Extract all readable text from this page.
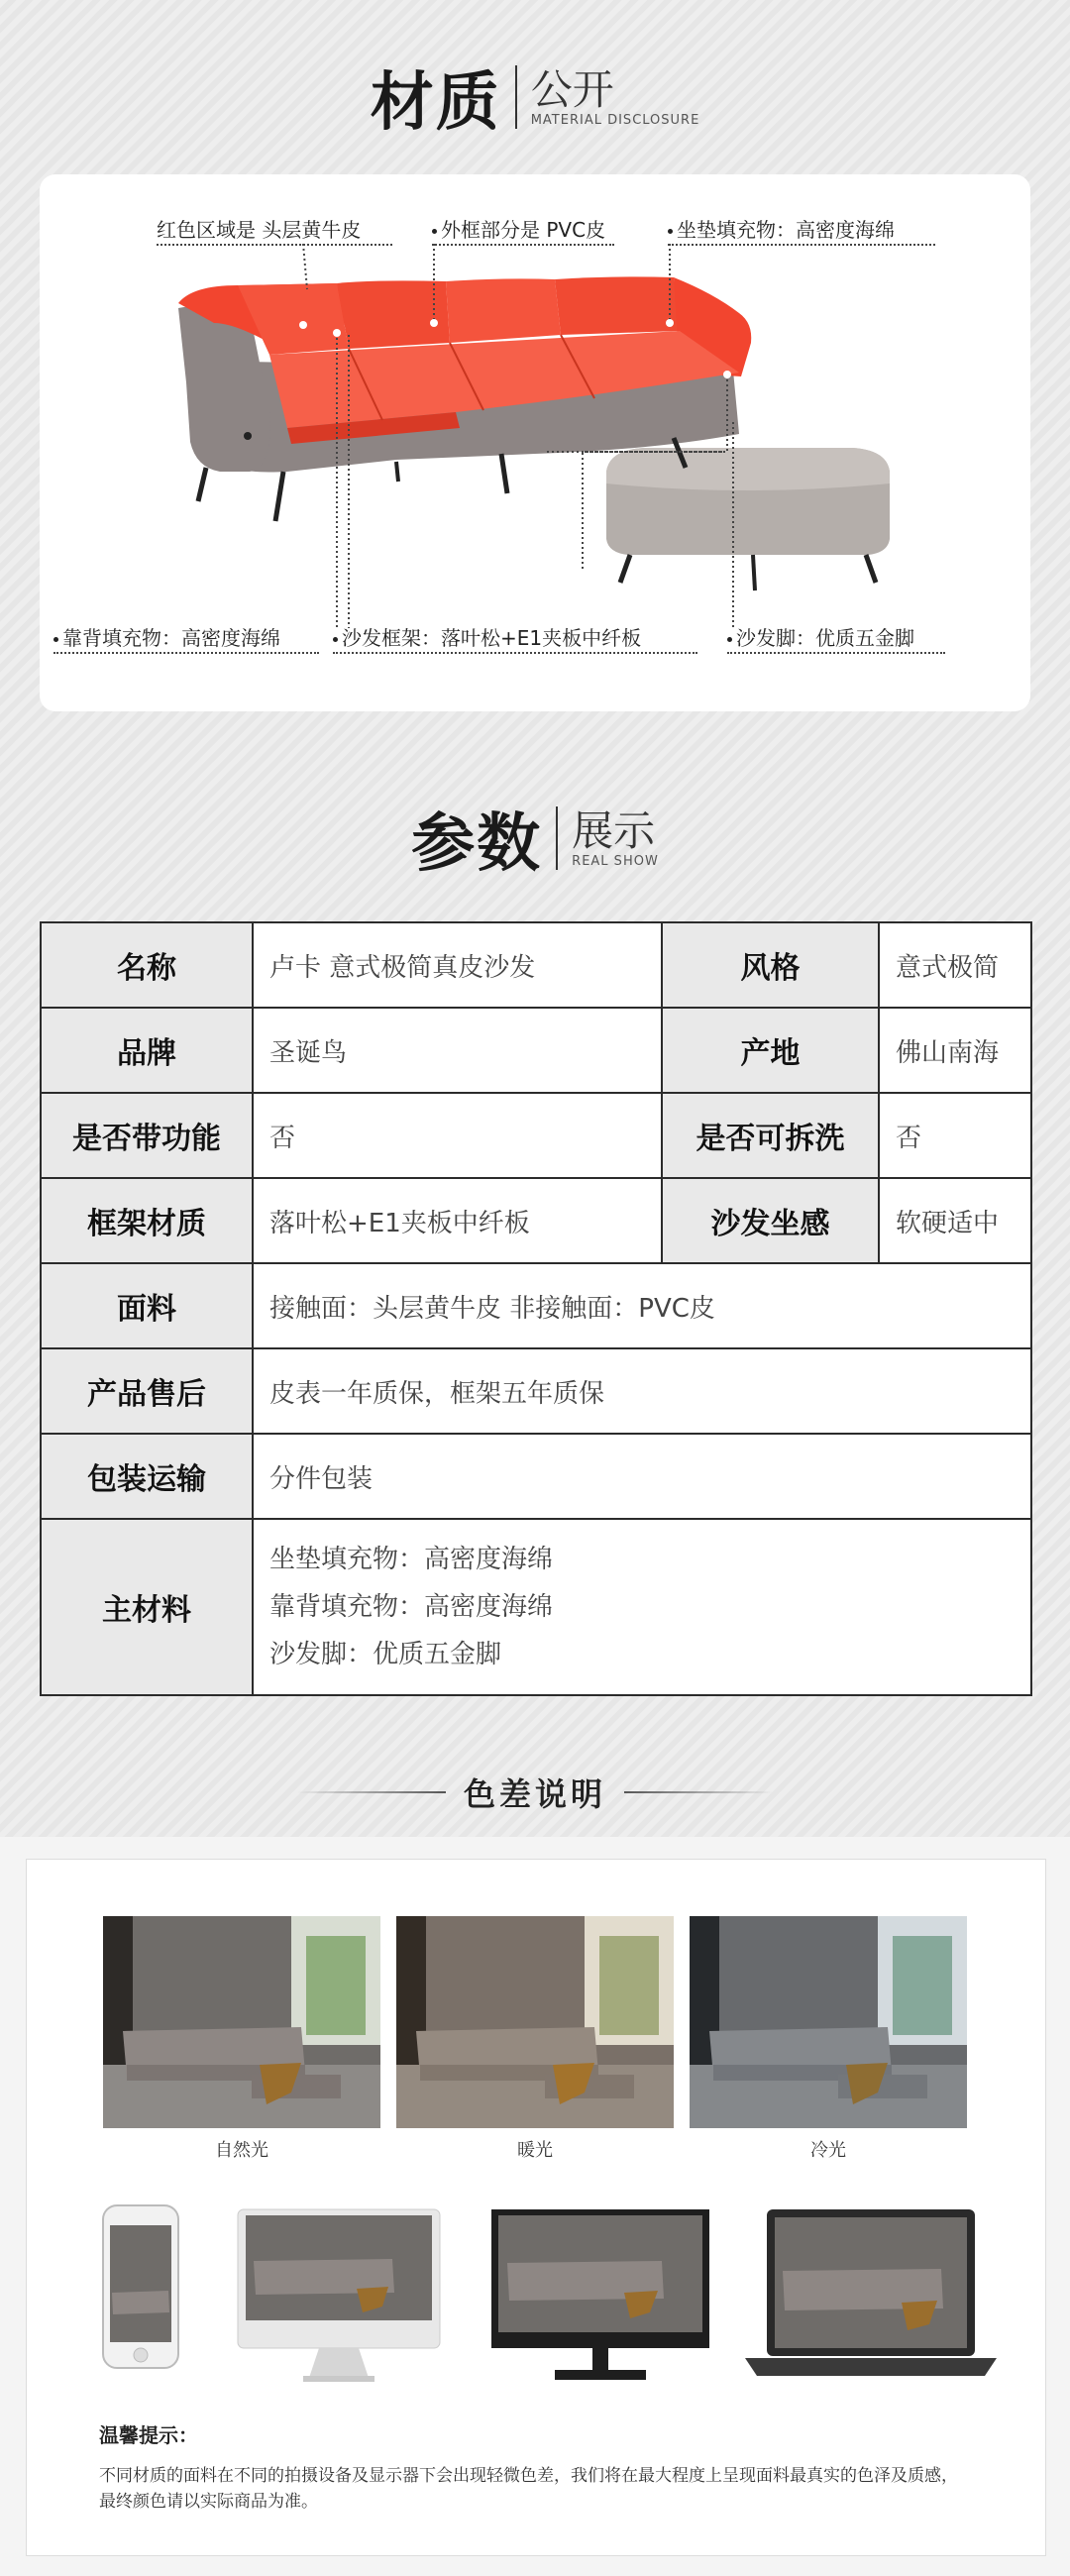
材质 公开
MATERIAL DISCLOSURE
红色区域是 头层黄牛皮	外框部分是 PVC皮	坐垫填充物：高密度海绵
靠背填充物：高密度海绵	沙发框架：落叶松+E1夹板中纤板	沙发脚：优质五金脚
参数 展示
REAL SHOW
名称	卢卡 意式极简真皮沙发	风格	意式极简
品牌	圣诞鸟	产地	佛山南海
是否带功能	否	是否可拆洗	否
框架材质	落叶松+E1夹板中纤板	沙发坐感	软硬适中
面料	接触面：头层黄牛皮 非接触面：PVC皮		
产品售后	皮表一年质保，框架五年质保		
包装运输	分件包装		
主材料	坐垫填充物：高密度海绵
靠背填充物：高密度海绵
沙发脚：优质五金脚		
色差说明
自然光	暖光	冷光
温馨提示：
不同材质的面料在不同的拍摄设备及显示器下会出现轻微色差，我们将在最大程度上呈现面料最真实的色泽及质感，最终颜色请以实际商品为准。
